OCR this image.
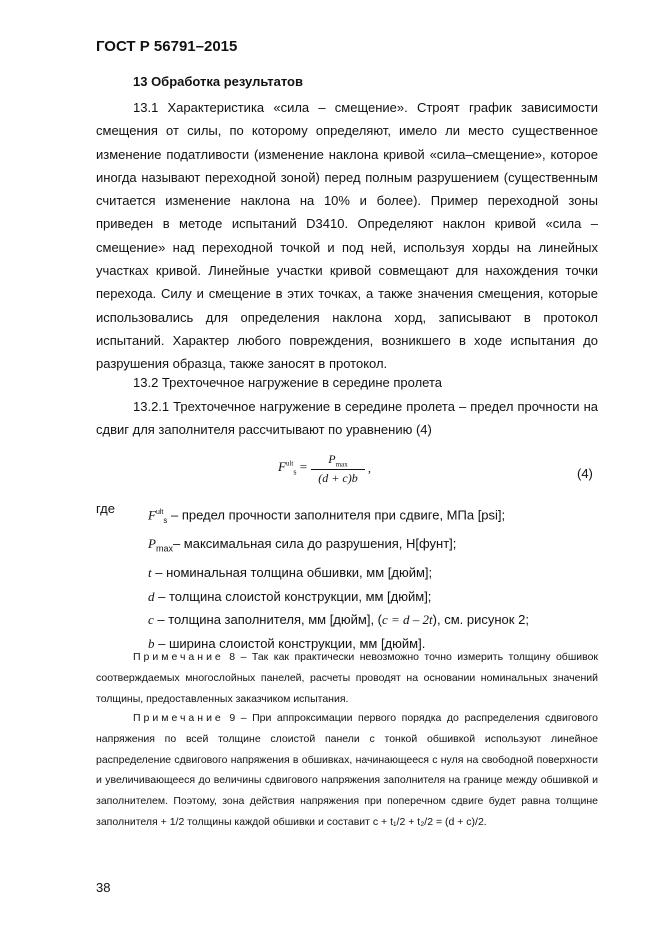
ГОСТ Р 56791–2015
13 Обработка результатов

13.1 Характеристика «сила – смещение». Строят график зависимости смещения от силы, по которому определяют, имело ли место существенное изменение податливости (изменение наклона кривой «сила–смещение», которое иногда называют переходной зоной) перед полным разрушением (существенным считается изменение наклона на 10% и более). Пример переходной зоны приведен в методе испытаний D3410. Определяют наклон кривой «сила – смещение» над переходной точкой и под ней, используя хорды на линейных участках кривой. Линейные участки кривой совмещают для нахождения точки перехода. Силу и смещение в этих точках, а также значения смещения, которые использовались для определения наклона хорд, записывают в протокол испытаний. Характер любого повреждения, возникшего в ходе испытания до разрушения образца, также заносят в протокол.

13.2 Трехточечное нагружение в середине пролета

13.2.1 Трехточечное нагружение в середине пролета – предел прочности на сдвиг для заполнителя рассчитывают по уравнению (4)

$F^{ult}_s$ =	$P_{max}$
(d + c)b
,	(4)
где	$F^{ult}_s$ – предел прочности заполнителя при сдвиге, МПа [psi];
$P_{max}-$ максимальная сила до разрушения, Н[фунт];
t – номинальная толщина обшивки, мм [дюйм];
d – толщина слоистой конструкции, мм [дюйм];
c – толщина заполнителя, мм [дюйм], (c = d – 2t), см. рисунок 2;
b – ширина слоистой конструкции, мм [дюйм].

Примечание 8 – Так как практически невозможно точно измерить толщину обшивок соотверждаемых многослойных панелей, расчеты проводят на основании номинальных значений толщины, предоставленных заказчиком испытания.

Примечание 9 – При аппроксимации первого порядка до распределения сдвигового напряжения по всей толщине слоистой панели с тонкой обшивкой используют линейное распределение сдвигового напряжения в обшивках, начинающееся с нуля на свободной поверхности и увеличивающееся до величины сдвигового напряжения заполнителя на границе между обшивкой и заполнителем. Поэтому, зона действия напряжения при поперечном сдвиге будет равна толщине заполнителя + 1/2 толщины каждой обшивки и составит с + t₁/2 + t₂/2 = (d + c)/2.

38
